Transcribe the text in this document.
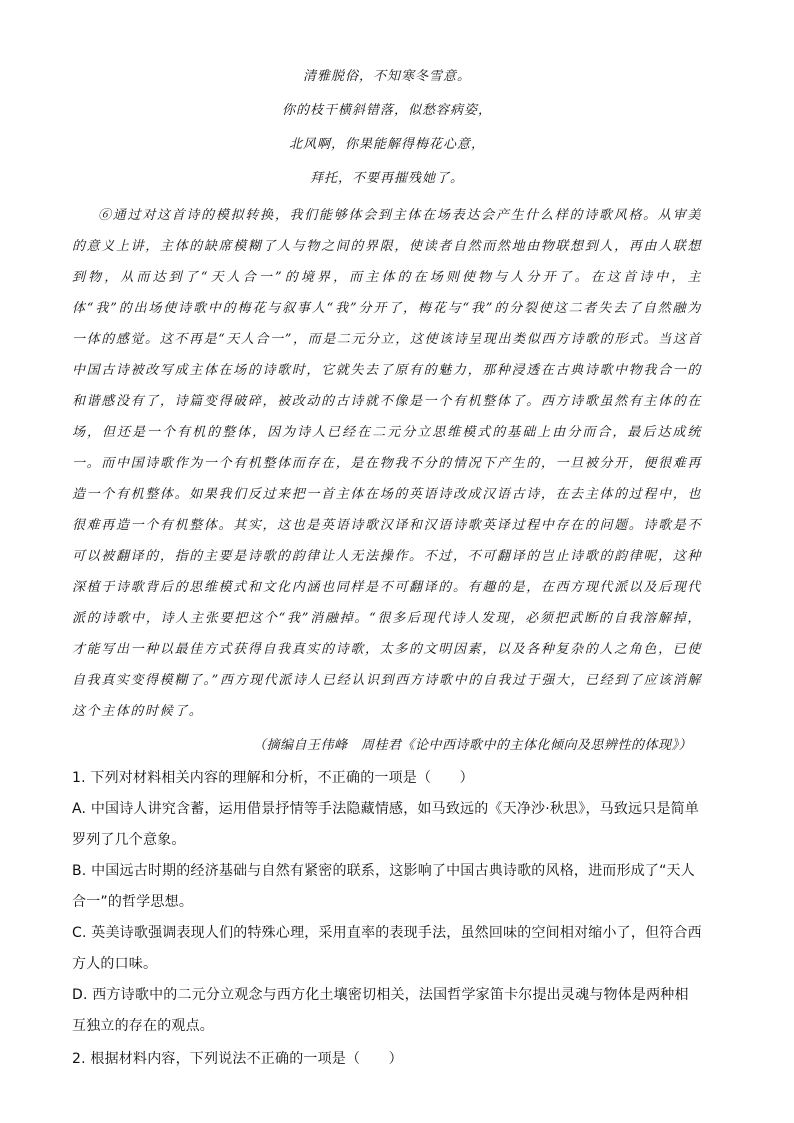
清雅脱俗，不知寒冬雪意。
你的枝干横斜错落，似愁容病姿，
北风啊，你果能解得梅花心意，
拜托，不要再摧残她了。

⑥通过对这首诗的模拟转换，我们能够体会到主体在场表达会产生什么样的诗歌风格。从审美的意义上讲，主体的缺席模糊了人与物之间的界限，使读者自然而然地由物联想到人，再由人联想到物，从而达到了“天人合一”的境界，而主体的在场则使物与人分开了。在这首诗中，主体“我”的出场使诗歌中的梅花与叙事人“我”分开了，梅花与“我”的分裂使这二者失去了自然融为一体的感觉。这不再是“天人合一”，而是二元分立，这使该诗呈现出类似西方诗歌的形式。当这首中国古诗被改写成主体在场的诗歌时，它就失去了原有的魅力，那种浸透在古典诗歌中物我合一的和谐感没有了，诗篇变得破碎，被改动的古诗就不像是一个有机整体了。西方诗歌虽然有主体的在场，但还是一个有机的整体，因为诗人已经在二元分立思维模式的基础上由分而合，最后达成统一。而中国诗歌作为一个有机整体而存在，是在物我不分的情况下产生的，一旦被分开，便很难再造一个有机整体。如果我们反过来把一首主体在场的英语诗改成汉语古诗，在去主体的过程中，也很难再造一个有机整体。其实，这也是英语诗歌汉译和汉语诗歌英译过程中存在的问题。诗歌是不可以被翻译的，指的主要是诗歌的韵律让人无法操作。不过，不可翻译的岂止诗歌的韵律呢，这种深植于诗歌背后的思维模式和文化内涵也同样是不可翻译的。有趣的是，在西方现代派以及后现代派的诗歌中，诗人主张要把这个“我”消融掉。“很多后现代诗人发现，必须把武断的自我溶解掉，才能写出一种以最佳方式获得自我真实的诗歌，太多的文明因素，以及各种复杂的人之角色，已使自我真实变得模糊了。”西方现代派诗人已经认识到西方诗歌中的自我过于强大，已经到了应该消解这个主体的时候了。

（摘编自王伟峰　周桂君《论中西诗歌中的主体化倾向及思辨性的体现》）

1. 下列对材料相关内容的理解和分析，不正确的一项是（　　）

A. 中国诗人讲究含蓄，运用借景抒情等手法隐藏情感，如马致远的《天净沙·秋思》，马致远只是简单罗列了几个意象。

B. 中国远古时期的经济基础与自然有紧密的联系，这影响了中国古典诗歌的风格，进而形成了“天人合一”的哲学思想。

C. 英美诗歌强调表现人们的特殊心理，采用直率的表现手法，虽然回味的空间相对缩小了，但符合西方人的口味。

D. 西方诗歌中的二元分立观念与西方化土壤密切相关，法国哲学家笛卡尔提出灵魂与物体是两种相互独立的存在的观点。

2. 根据材料内容，下列说法不正确的一项是（　　）
